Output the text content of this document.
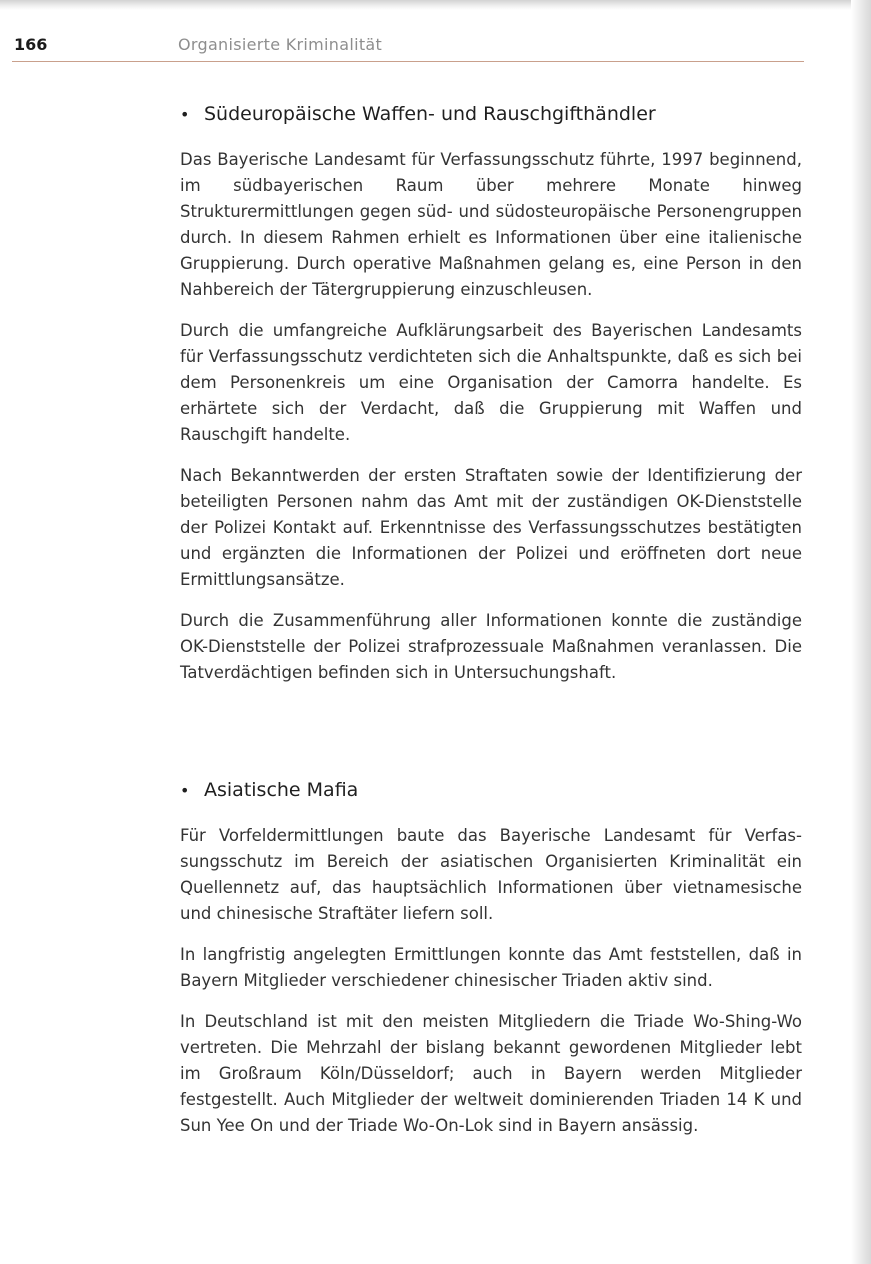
166	Organisierte Kriminalität
• Südeuropäische Waffen- und Rauschgifthändler

Das Bayerische Landesamt für Verfassungsschutz führte, 1997 beginnend, im südbayerischen Raum über mehrere Monate hinweg Strukturermittlungen gegen süd- und südosteuropäische Personengruppen durch. In diesem Rahmen erhielt es Informationen über eine italienische Gruppierung. Durch operative Maßnahmen gelang es, eine Person in den Nahbereich der Tätergruppierung einzuschleusen.

Durch die umfangreiche Aufklärungsarbeit des Bayerischen Landesamts für Verfassungsschutz verdichteten sich die Anhaltspunkte, daß es sich bei dem Personenkreis um eine Organisation der Camorra handelte. Es erhärtete sich der Verdacht, daß die Gruppierung mit Waffen und Rauschgift handelte.

Nach Bekanntwerden der ersten Straftaten sowie der Identifizierung der beteiligten Personen nahm das Amt mit der zuständigen OK-Dienststelle der Polizei Kontakt auf. Erkenntnisse des Verfassungsschutzes bestätigten und ergänzten die Informationen der Polizei und eröffneten dort neue Ermittlungsansätze.

Durch die Zusammenführung aller Informationen konnte die zuständige OK-Dienststelle der Polizei strafprozessuale Maßnahmen veranlassen. Die Tatverdächtigen befinden sich in Untersuchungshaft.

• Asiatische Mafia

Für Vorfeldermittlungen baute das Bayerische Landesamt für Verfassungsschutz im Bereich der asiatischen Organisierten Kriminalität ein Quellennetz auf, das hauptsächlich Informationen über vietnamesische und chinesische Straftäter liefern soll.

In langfristig angelegten Ermittlungen konnte das Amt feststellen, daß in Bayern Mitglieder verschiedener chinesischer Triaden aktiv sind.

In Deutschland ist mit den meisten Mitgliedern die Triade Wo-Shing-Wo vertreten. Die Mehrzahl der bislang bekannt gewordenen Mitglieder lebt im Großraum Köln/Düsseldorf; auch in Bayern werden Mitglieder festgestellt. Auch Mitglieder der weltweit dominierenden Triaden 14 K und Sun Yee On und der Triade Wo-On-Lok sind in Bayern ansässig.
